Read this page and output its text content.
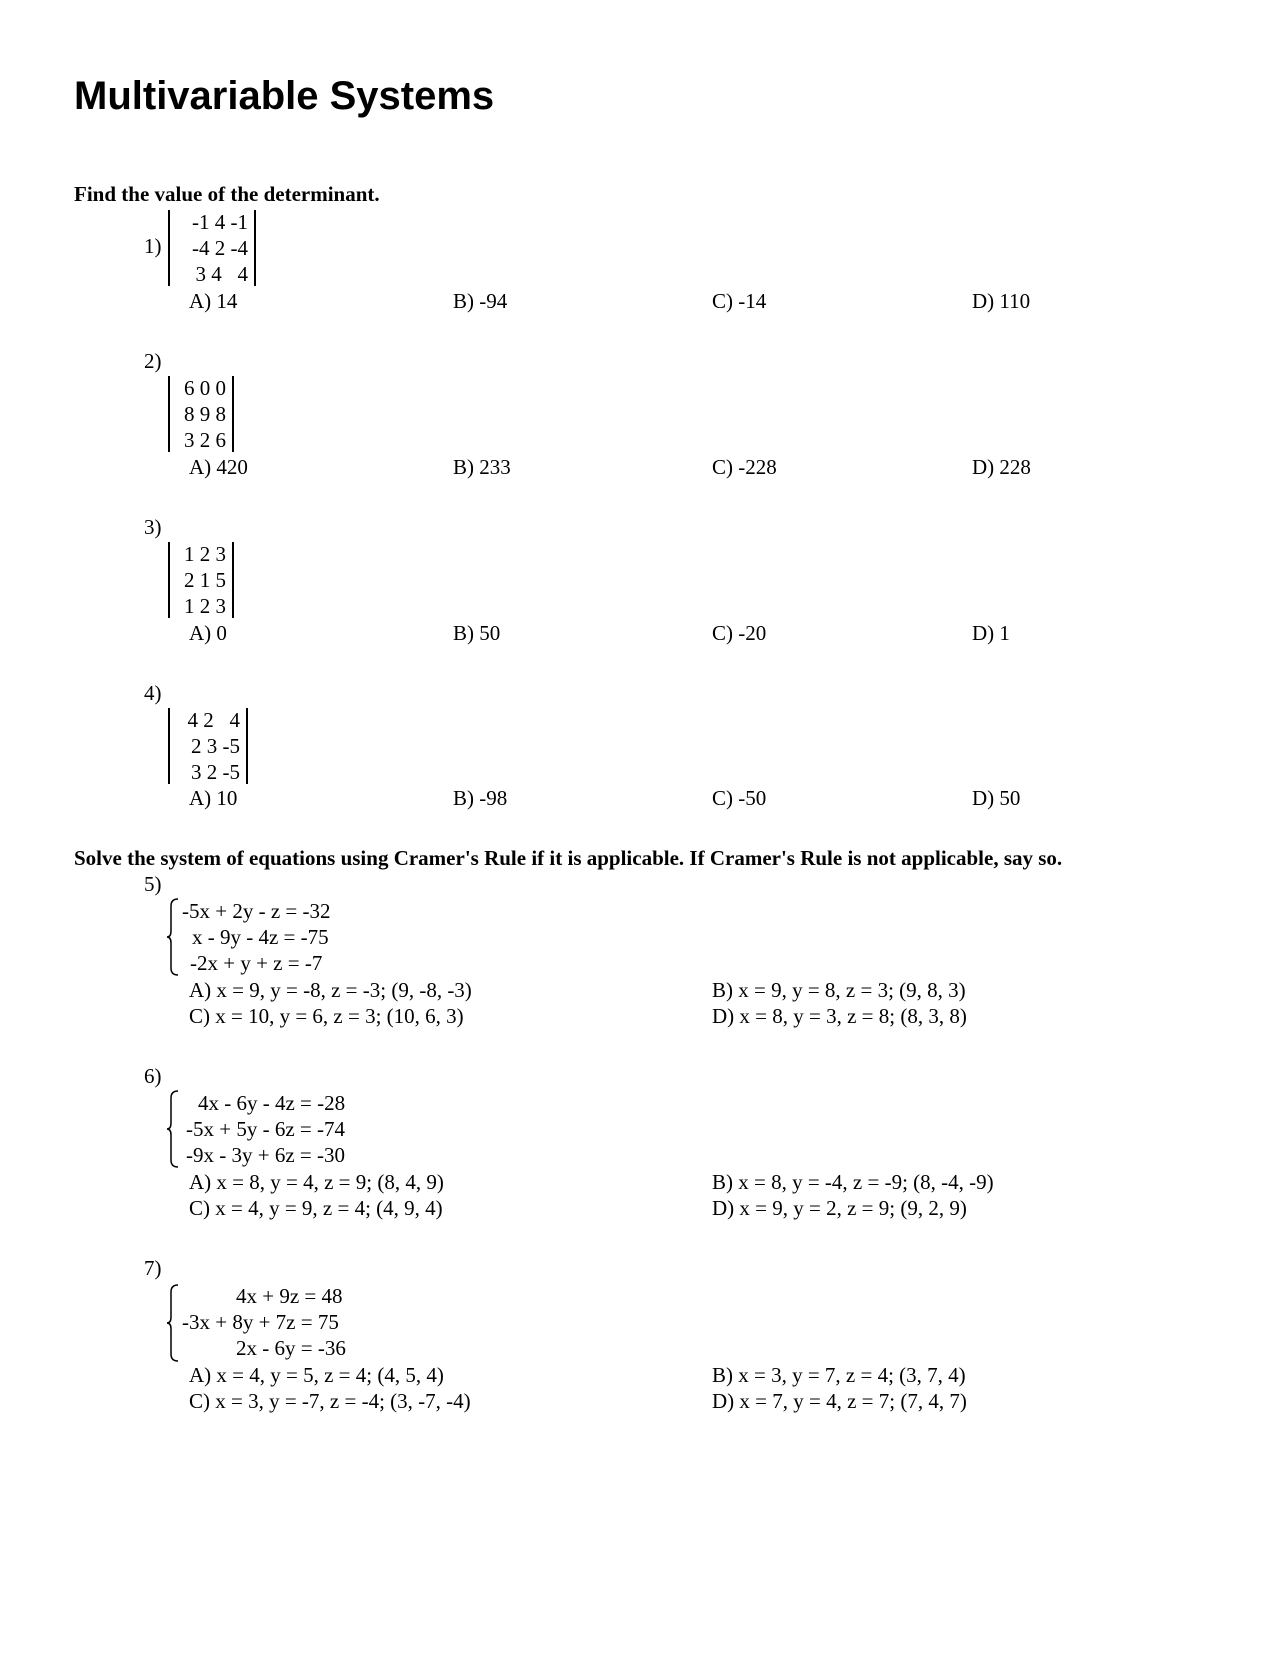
Multivariable Systems
Find the value of the determinant.
1)
-1 4 -1
-4 2 -4
3 4   4
A) 14	B) -94	C) -14	D) 110
2)
6 0 0
8 9 8
3 2 6
A) 420	B) 233	C) -228	D) 228
3)
1 2 3
2 1 5
1 2 3
A) 0	B) 50	C) -20	D) 1
4)
4 2   4
2 3 -5
3 2 -5
A) 10	B) -98	C) -50	D) 50
Solve the system of equations using Cramer's Rule if it is applicable. If Cramer's Rule is not applicable, say so.
5)
-5x + 2y - z = -32
x - 9y - 4z = -75
-2x + y + z = -7
A) x = 9, y = -8, z = -3; (9, -8, -3)	B) x = 9, y = 8, z = 3; (9, 8, 3)
C) x = 10, y = 6, z = 3; (10, 6, 3)	D) x = 8, y = 3, z = 8; (8, 3, 8)
6)
4x - 6y - 4z = -28
-5x + 5y - 6z = -74
-9x - 3y + 6z = -30
A) x = 8, y = 4, z = 9; (8, 4, 9)	B) x = 8, y = -4, z = -9; (8, -4, -9)
C) x = 4, y = 9, z = 4; (4, 9, 4)	D) x = 9, y = 2, z = 9; (9, 2, 9)
7)
4x + 9z = 48
-3x + 8y + 7z = 75
2x - 6y = -36
A) x = 4, y = 5, z = 4; (4, 5, 4)	B) x = 3, y = 7, z = 4; (3, 7, 4)
C) x = 3, y = -7, z = -4; (3, -7, -4)	D) x = 7, y = 4, z = 7; (7, 4, 7)
